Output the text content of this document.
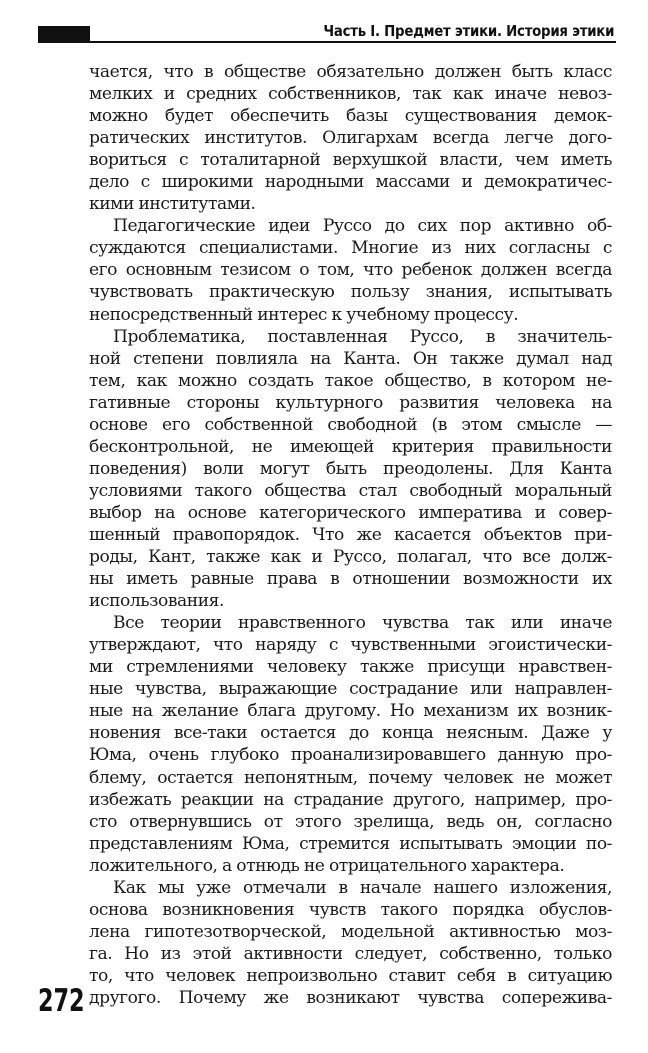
Часть I. Предмет этики. История этики
чается, что в обществе обязательно должен быть класс
мелких и средних собственников, так как иначе невоз-
можно будет обеспечить базы существования демок-
ратических институтов. Олигархам всегда легче дого-
вориться с тоталитарной верхушкой власти, чем иметь
дело с широкими народными массами и демократичес-
кими институтами.
Педагогические идеи Руссо до сих пор активно об-
суждаются специалистами. Многие из них согласны с
его основным тезисом о том, что ребенок должен всегда
чувствовать практическую пользу знания, испытывать
непосредственный интерес к учебному процессу.
Проблематика, поставленная Руссо, в значитель-
ной степени повлияла на Канта. Он также думал над
тем, как можно создать такое общество, в котором не-
гативные стороны культурного развития человека на
основе его собственной свободной (в этом смысле —
бесконтрольной, не имеющей критерия правильности
поведения) воли могут быть преодолены. Для Канта
условиями такого общества стал свободный моральный
выбор на основе категорического императива и совер-
шенный правопорядок. Что же касается объектов при-
роды, Кант, также как и Руссо, полагал, что все долж-
ны иметь равные права в отношении возможности их
использования.
Все теории нравственного чувства так или иначе
утверждают, что наряду с чувственными эгоистически-
ми стремлениями человеку также присущи нравствен-
ные чувства, выражающие сострадание или направлен-
ные на желание блага другому. Но механизм их возник-
новения все-таки остается до конца неясным. Даже у
Юма, очень глубоко проанализировавшего данную про-
блему, остается непонятным, почему человек не может
избежать реакции на страдание другого, например, про-
сто отвернувшись от этого зрелища, ведь он, согласно
представлениям Юма, стремится испытывать эмоции по-
ложительного, а отнюдь не отрицательного характера.
Как мы уже отмечали в начале нашего изложения,
основа возникновения чувств такого порядка обуслов-
лена гипотезотворческой, модельной активностью моз-
га. Но из этой активности следует, собственно, только
то, что человек непроизвольно ставит себя в ситуацию
другого. Почему же возникают чувства сопережива-
272
